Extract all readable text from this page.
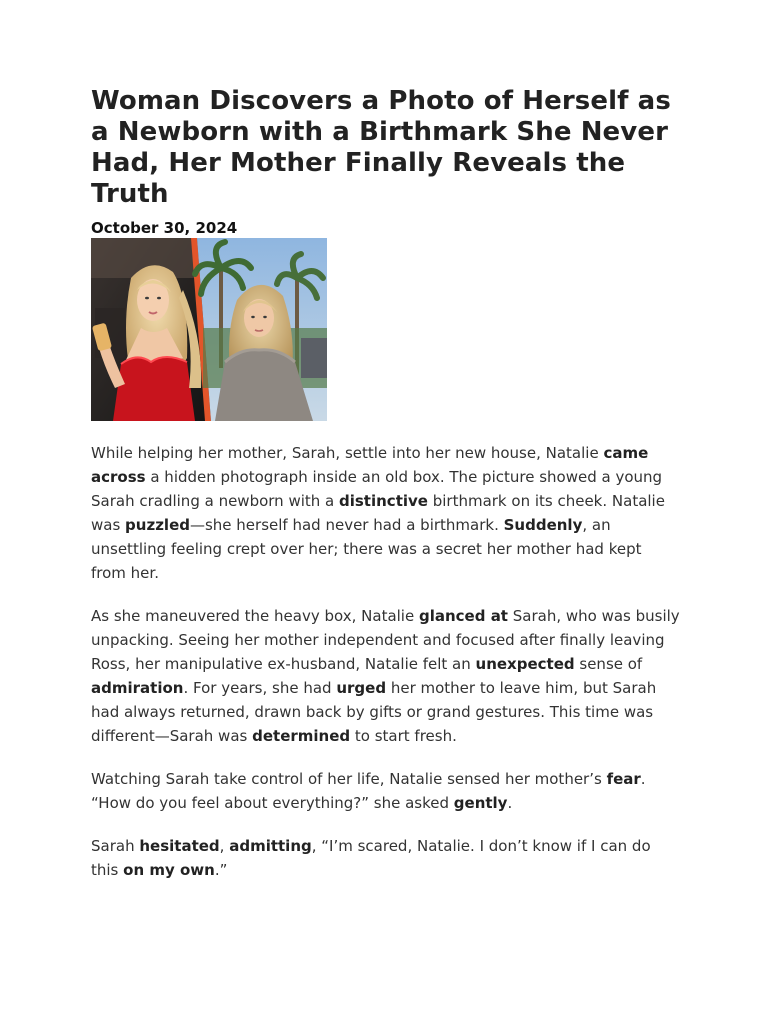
Woman Discovers a Photo of Herself as a Newborn with a Birthmark She Never Had, Her Mother Finally Reveals the Truth
October 30, 2024

While helping her mother, Sarah, settle into her new house, Natalie came across a hidden photograph inside an old box. The picture showed a young Sarah cradling a newborn with a distinctive birthmark on its cheek. Natalie was puzzled—she herself had never had a birthmark. Suddenly, an unsettling feeling crept over her; there was a secret her mother had kept from her.

As she maneuvered the heavy box, Natalie glanced at Sarah, who was busily unpacking. Seeing her mother independent and focused after finally leaving Ross, her manipulative ex-husband, Natalie felt an unexpected sense of admiration. For years, she had urged her mother to leave him, but Sarah had always returned, drawn back by gifts or grand gestures. This time was different—Sarah was determined to start fresh.

Watching Sarah take control of her life, Natalie sensed her mother’s fear. “How do you feel about everything?” she asked gently.

Sarah hesitated, admitting, “I’m scared, Natalie. I don’t know if I can do this on my own.”
